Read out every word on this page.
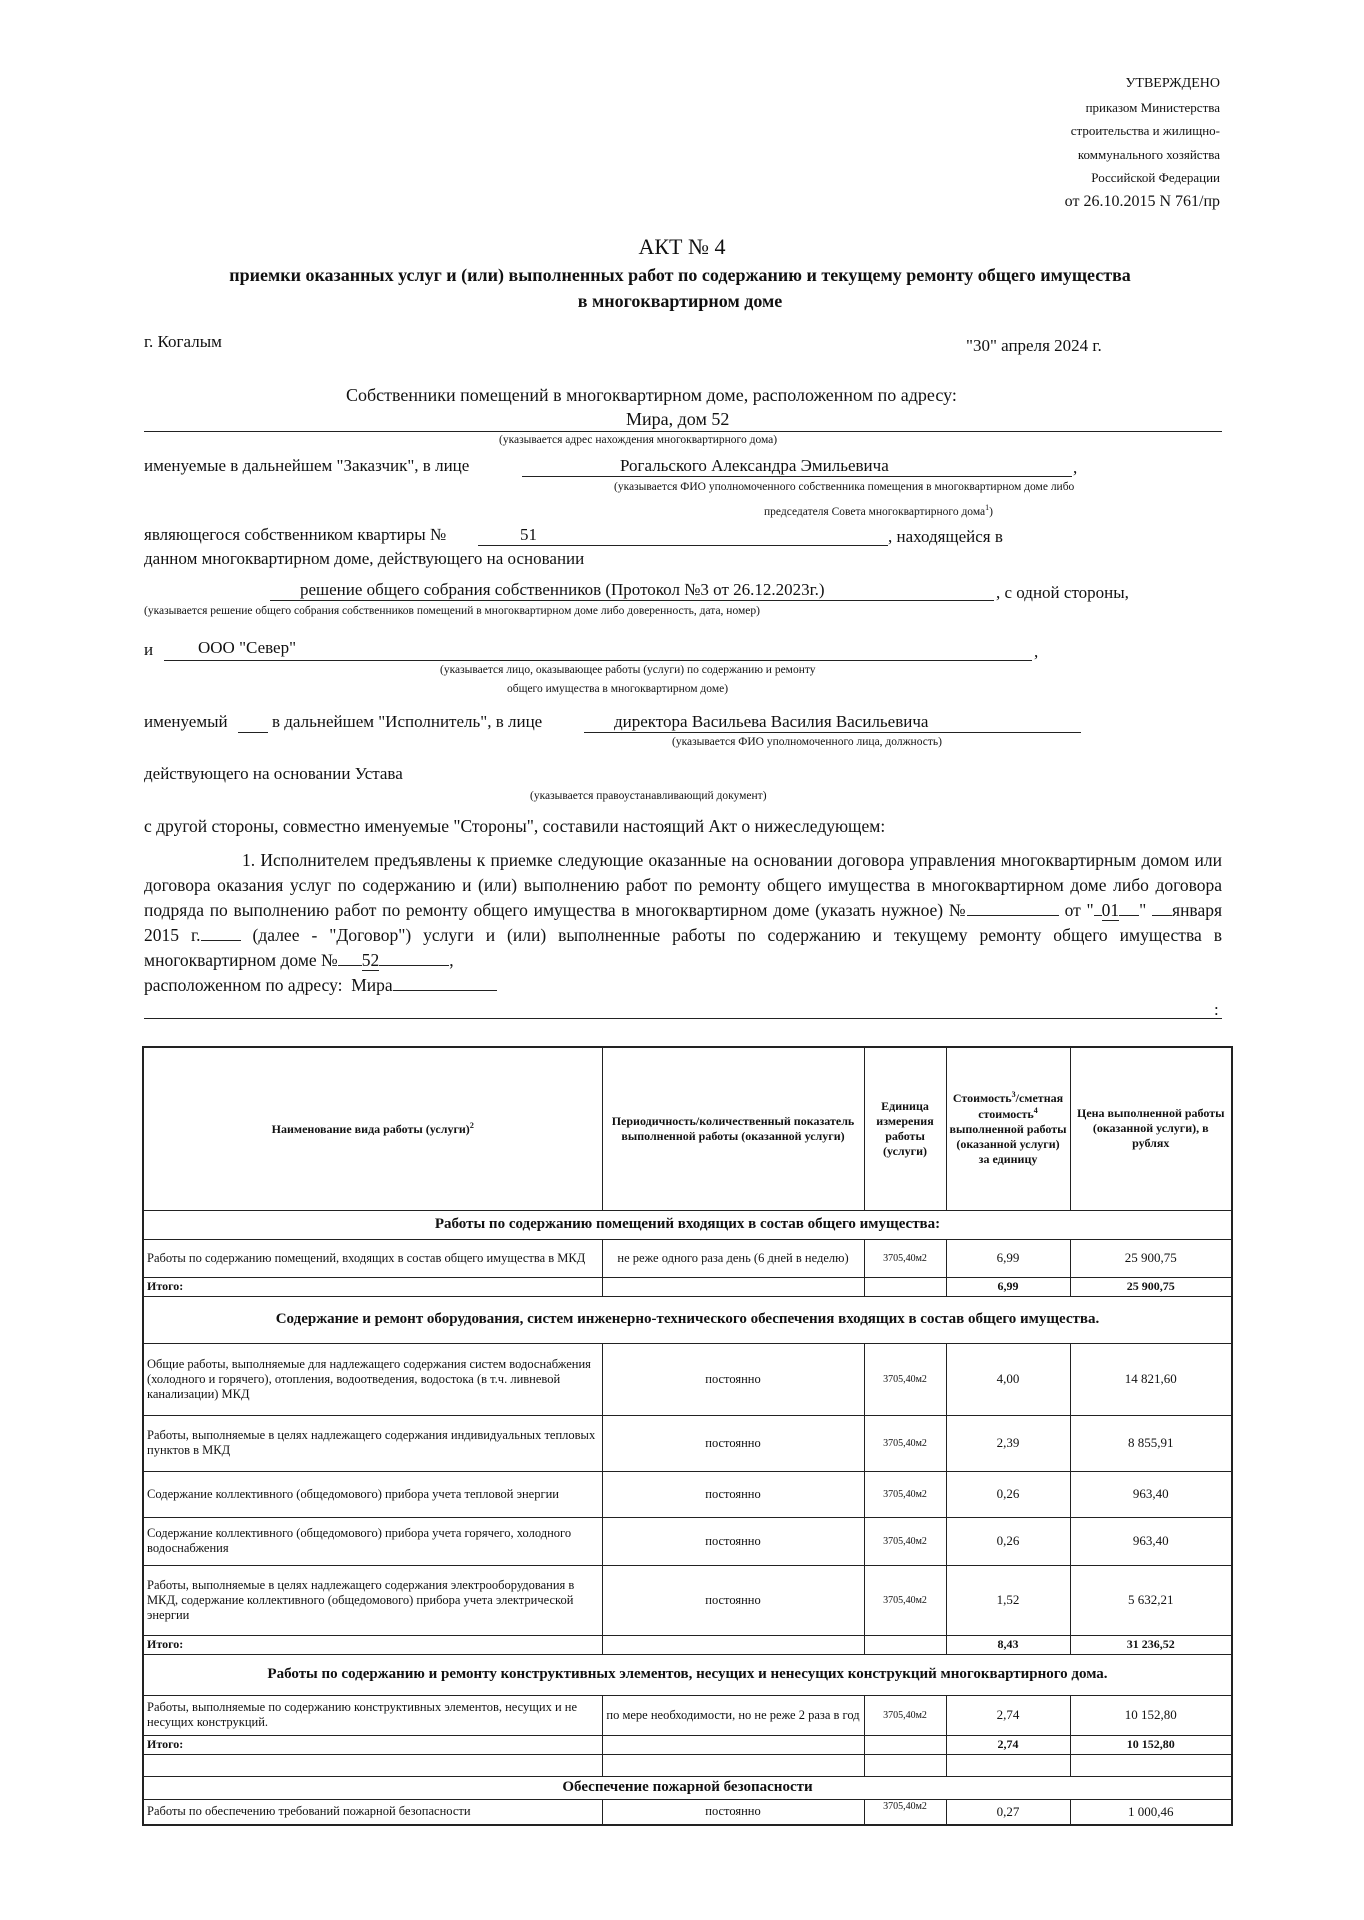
УТВЕРЖДЕНО
приказом Министерства
строительства и жилищно-
коммунального хозяйства
Российской Федерации
от 26.10.2015 N 761/пр
АКТ № 4
приемки оказанных услуг и (или) выполненных работ по содержанию и текущему ремонту общего имущества
в многоквартирном доме
г. Когалым	"30" апреля 2024 г.
Собственники помещений в многоквартирном доме, расположенном по адресу:
Мира, дом 52
(указывается адрес нахождения многоквартирного дома)
именуемые в дальнейшем "Заказчик", в лице	Рогальского Александра Эмильевича	,
(указывается ФИО уполномоченного собственника помещения в многоквартирном доме либо
председателя Совета многоквартирного дома$^1$)
являющегося собственником квартиры №	51	, находящейся в
данном многоквартирном доме, действующего на основании
решение общего собрания собственников (Протокол №3 от 26.12.2023г.)	, с одной стороны,
(указывается решение общего собрания собственников помещений в многоквартирном доме либо доверенность, дата, номер)
и	ООО "Север"	,
(указывается лицо, оказывающее работы (услуги) по содержанию и ремонту
общего имущества в многоквартирном доме)
именуемый	в дальнейшем "Исполнитель", в лице	директора Васильева Василия Васильевича
(указывается ФИО уполномоченного лица, должность)
действующего на основании Устава
(указывается правоустанавливающий документ)
с другой стороны, совместно именуемые "Стороны", составили настоящий Акт о нижеследующем:
1. Исполнителем предъявлены к приемке следующие оказанные на основании договора управления многоквартирным домом или договора оказания услуг по содержанию и (или) выполнению работ по ремонту общего имущества в многоквартирном доме либо договора подряда по выполнению работ по ремонту общего имущества в многоквартирном доме (указать нужное) №	от " 01 " января 2015 г.	(далее - "Договор") услуги и (или) выполненные работы по содержанию и текущему ремонту общего имущества в многоквартирном доме № 52	,
расположенном по адресу: Мира
:
Наименование вида работы (услуги)$^2$	Периодичность/количественный показатель выполненной работы (оказанной услуги)	Единица измерения работы (услуги)	Стоимость$^3$/сметная стоимость$^4$ выполненной работы (оказанной услуги) за единицу	Цена выполненной работы (оказанной услуги), в рублях
Работы по содержанию помещений входящих в состав общего имущества:				
Работы по содержанию помещений, входящих в состав общего имущества в МКД	не реже одного раза день (6 дней в неделю)	3705,40м2	6,99	25 900,75
Итого:			6,99	25 900,75
Содержание и ремонт оборудования, систем инженерно-технического обеспечения входящих в состав общего имущества.				
Общие работы, выполняемые для надлежащего содержания систем водоснабжения (холодного и горячего), отопления, водоотведения, водостока (в т.ч. ливневой канализации) МКД	постоянно	3705,40м2	4,00	14 821,60
Работы, выполняемые в целях надлежащего содержания индивидуальных тепловых пунктов в МКД	постоянно	3705,40м2	2,39	8 855,91
Содержание коллективного (общедомового) прибора учета тепловой энергии	постоянно	3705,40м2	0,26	963,40
Содержание коллективного (общедомового) прибора учета горячего, холодного водоснабжения	постоянно	3705,40м2	0,26	963,40
Работы, выполняемые в целях надлежащего содержания электрооборудования в МКД, содержание коллективного (общедомового) прибора учета электрической энергии	постоянно	3705,40м2	1,52	5 632,21
Итого:			8,43	31 236,52
Работы по содержанию и ремонту конструктивных элементов, несущих и ненесущих конструкций многоквартирного дома.				
Работы, выполняемые по содержанию конструктивных элементов, несущих и не несущих конструкций.	по мере необходимости, но не реже 2 раза в год	3705,40м2	2,74	10 152,80
Итого:			2,74	10 152,80

Обеспечение пожарной безопасности				
Работы по обеспечению требований пожарной безопасности	постоянно	3705,40м2	0,27	1 000,46
